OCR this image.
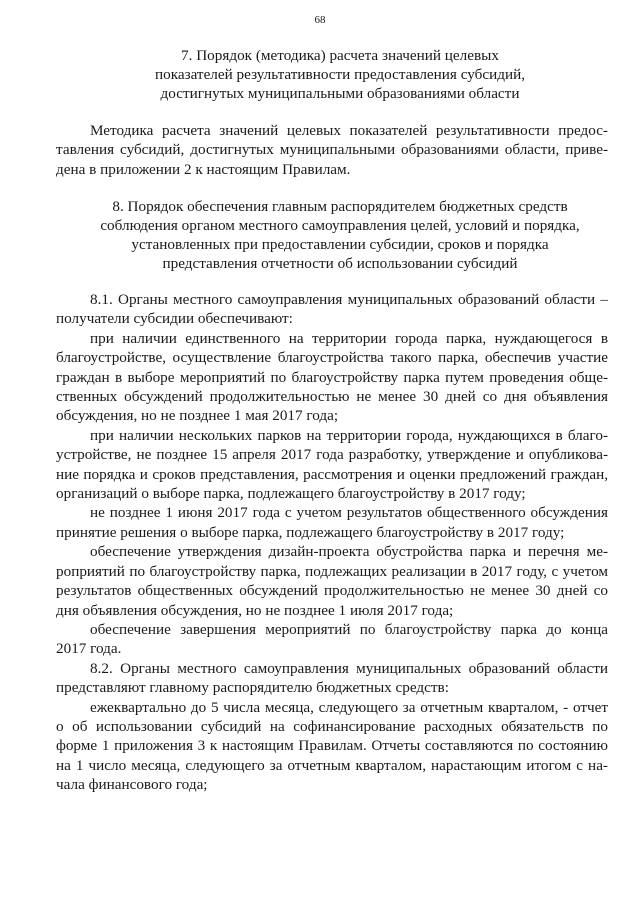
68
7. Порядок (методика) расчета значений целевых
показателей результативности предоставления субсидий,
достигнутых муниципальными образованиями области
Методика расчета значений целевых показателей результативности предос-
тавления субсидий, достигнутых муниципальными образованиями области, приве-
дена в приложении 2 к настоящим Правилам.
8. Порядок обеспечения главным распорядителем бюджетных средств
соблюдения органом местного самоуправления целей, условий и порядка,
установленных при предоставлении субсидии, сроков и порядка
представления отчетности об использовании субсидий
8.1. Органы местного самоуправления муниципальных образований области –
получатели субсидии обеспечивают:
при наличии единственного на территории города парка, нуждающегося в
благоустройстве, осуществление благоустройства такого парка, обеспечив участие
граждан в выборе мероприятий по благоустройству парка путем проведения обще-
ственных обсуждений продолжительностью не менее 30 дней со дня объявления
обсуждения, но не позднее 1 мая 2017 года;
при наличии нескольких парков на территории города, нуждающихся в благо-
устройстве, не позднее 15 апреля 2017 года разработку, утверждение и опубликова-
ние порядка и сроков представления, рассмотрения и оценки предложений граждан,
организаций о выборе парка, подлежащего благоустройству в 2017 году;
не позднее 1 июня 2017 года с учетом результатов общественного обсуждения
принятие решения о выборе парка, подлежащего благоустройству в 2017 году;
обеспечение утверждения дизайн-проекта обустройства парка и перечня ме-
роприятий по благоустройству парка, подлежащих реализации в 2017 году, с учетом
результатов общественных обсуждений продолжительностью не менее 30 дней со
дня объявления обсуждения, но не позднее 1 июля 2017 года;
обеспечение завершения мероприятий по благоустройству парка до конца
2017 года.
8.2. Органы местного самоуправления муниципальных образований области
представляют главному распорядителю бюджетных средств:
ежеквартально до 5 числа месяца, следующего за отчетным кварталом, - отчет
о об использовании субсидий на софинансирование расходных обязательств по
форме 1 приложения 3 к настоящим Правилам. Отчеты составляются по состоянию
на 1 число месяца, следующего за отчетным кварталом, нарастающим итогом с на-
чала финансового года;
